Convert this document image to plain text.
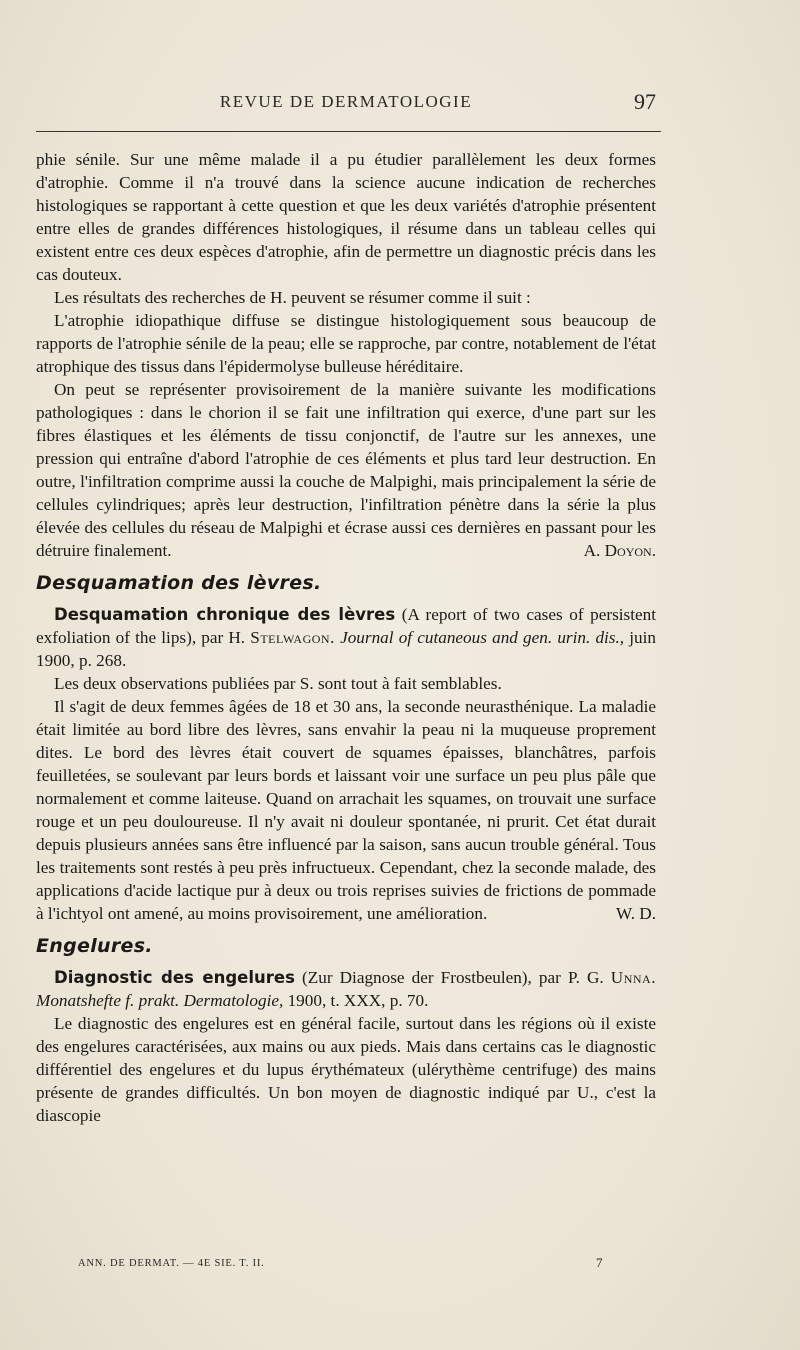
REVUE DE DERMATOLOGIE	97

phie sénile. Sur une même malade il a pu étudier parallèlement les deux formes d'atrophie. Comme il n'a trouvé dans la science aucune indication de recherches histologiques se rapportant à cette question et que les deux variétés d'atrophie présentent entre elles de grandes différences histologiques, il résume dans un tableau celles qui existent entre ces deux espèces d'atrophie, afin de permettre un diagnostic précis dans les cas douteux.

Les résultats des recherches de H. peuvent se résumer comme il suit :

L'atrophie idiopathique diffuse se distingue histologiquement sous beaucoup de rapports de l'atrophie sénile de la peau; elle se rapproche, par contre, notablement de l'état atrophique des tissus dans l'épidermolyse bulleuse héréditaire.

On peut se représenter provisoirement de la manière suivante les modifications pathologiques : dans le chorion il se fait une infiltration qui exerce, d'une part sur les fibres élastiques et les éléments de tissu conjonctif, de l'autre sur les annexes, une pression qui entraîne d'abord l'atrophie de ces éléments et plus tard leur destruction. En outre, l'infiltration comprime aussi la couche de Malpighi, mais principalement la série de cellules cylindriques; après leur destruction, l'infiltration pénètre dans la série la plus élevée des cellules du réseau de Malpighi et écrase aussi ces dernières en passant pour les détruire finalement.	A. Doyon.

Desquamation des lèvres.

Desquamation chronique des lèvres (A report of two cases of persistent exfoliation of the lips), par H. Stelwagon. Journal of cutaneous and gen. urin. dis., juin 1900, p. 268.

Les deux observations publiées par S. sont tout à fait semblables.

Il s'agit de deux femmes âgées de 18 et 30 ans, la seconde neurasthénique. La maladie était limitée au bord libre des lèvres, sans envahir la peau ni la muqueuse proprement dites. Le bord des lèvres était couvert de squames épaisses, blanchâtres, parfois feuilletées, se soulevant par leurs bords et laissant voir une surface un peu plus pâle que normalement et comme laiteuse. Quand on arrachait les squames, on trouvait une surface rouge et un peu douloureuse. Il n'y avait ni douleur spontanée, ni prurit. Cet état durait depuis plusieurs années sans être influencé par la saison, sans aucun trouble général. Tous les traitements sont restés à peu près infructueux. Cependant, chez la seconde malade, des applications d'acide lactique pur à deux ou trois reprises suivies de frictions de pommade à l'ichtyol ont amené, au moins provisoirement, une amélioration.	W. D.

Engelures.

Diagnostic des engelures (Zur Diagnose der Frostbeulen), par P. G. Unna. Monatshefte f. prakt. Dermatologie, 1900, t. XXX, p. 70.

Le diagnostic des engelures est en général facile, surtout dans les régions où il existe des engelures caractérisées, aux mains ou aux pieds. Mais dans certains cas le diagnostic différentiel des engelures et du lupus érythémateux (ulérythème centrifuge) des mains présente de grandes difficultés. Un bon moyen de diagnostic indiqué par U., c'est la diascopie

ANN. DE DERMAT. — 4E SIE. T. II.	7
